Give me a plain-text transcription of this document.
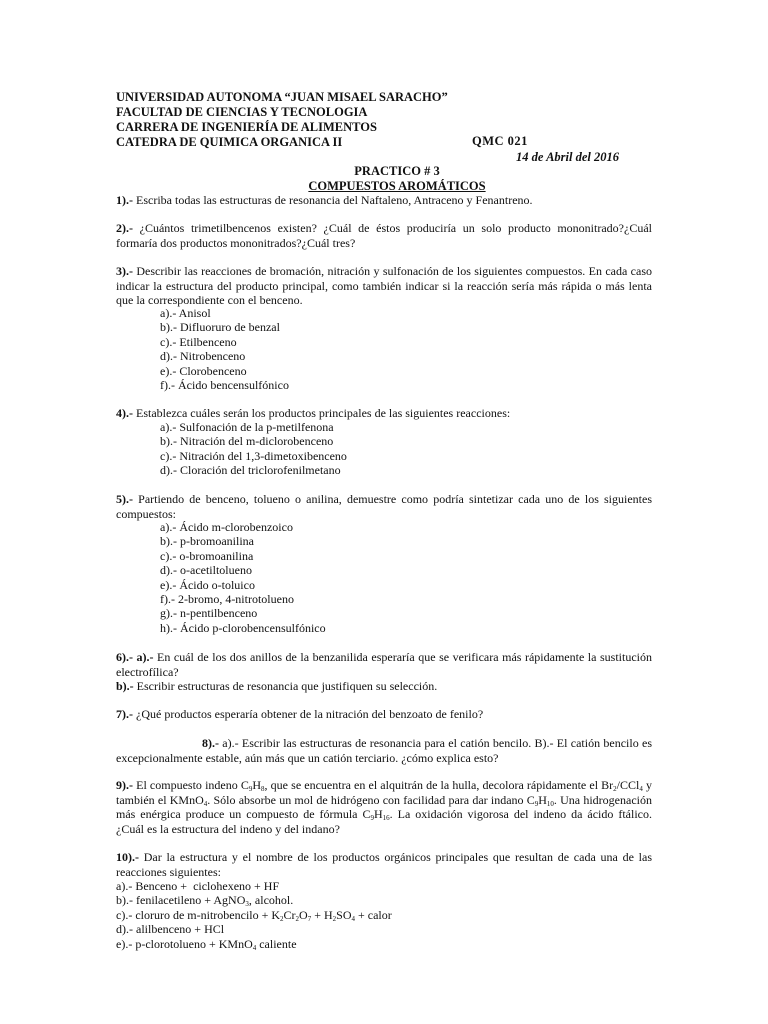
UNIVERSIDAD AUTONOMA “JUAN MISAEL SARACHO”
FACULTAD DE CIENCIAS Y TECNOLOGIA
CARRERA DE INGENIERÍA DE ALIMENTOS
CATEDRA DE QUIMICA ORGANICA II	QMC 021
14 de Abril del 2016
PRACTICO # 3
COMPUESTOS AROMÁTICOS
1).- Escriba todas las estructuras de resonancia del Naftaleno, Antraceno y Fenantreno.
2).- ¿Cuántos trimetilbencenos existen? ¿Cuál de éstos produciría un solo producto mononitrado?¿Cuál formaría dos productos mononitrados?¿Cuál tres?
3).- Describir las reacciones de bromación, nitración y sulfonación de los siguientes compuestos. En cada caso indicar la estructura del producto principal, como también indicar si la reacción sería más rápida o más lenta que la correspondiente con el benceno.
a).- Anisol
b).- Difluoruro de benzal
c).- Etilbenceno
d).- Nitrobenceno
e).- Clorobenceno
f).- Ácido bencensulfónico
4).- Establezca cuáles serán los productos principales de las siguientes reacciones:
a).- Sulfonación de la p-metilfenona
b).- Nitración del m-diclorobenceno
c).- Nitración del 1,3-dimetoxibenceno
d).- Cloración del triclorofenilmetano
5).- Partiendo de benceno, tolueno o anilina, demuestre como podría sintetizar cada uno de los siguientes compuestos:
a).- Ácido m-clorobenzoico
b).- p-bromoanilina
c).- o-bromoanilina
d).- o-acetiltolueno
e).- Ácido o-toluico
f).- 2-bromo, 4-nitrotolueno
g).- n-pentilbenceno
h).- Ácido p-clorobencensulfónico
6).- a).- En cuál de los dos anillos de la benzanilida esperaría que se verificara más rápidamente la sustitución electrofílica?
b).- Escribir estructuras de resonancia que justifiquen su selección.
7).- ¿Qué productos esperaría obtener de la nitración del benzoato de fenilo?
8).- a).- Escribir las estructuras de resonancia para el catión bencilo. B).- El catión bencilo es excepcionalmente estable, aún más que un catión terciario. ¿cómo explica esto?
9).- El compuesto indeno $C_9H_8$, que se encuentra en el alquitrán de la hulla, decolora rápidamente el $Br_2/CCl_4$ y también el KMnO$_4$. Sólo absorbe un mol de hidrógeno con facilidad para dar indano $C_9H_{10}$. Una hidrogenación más enérgica produce un compuesto de fórmula $C_9H_{16}$. La oxidación vigorosa del indeno da ácido ftálico. ¿Cuál es la estructura del indeno y del indano?
10).- Dar la estructura y el nombre de los productos orgánicos principales que resultan de cada una de las reacciones siguientes:
a).- Benceno +  ciclohexeno + HF
b).- fenilacetileno + AgNO$_3$, alcohol.
c).- cloruro de m-nitrobencilo + $K_2Cr_2O_7 + H_2SO_4$ + calor
d).- alilbenceno + HCl
e).- p-clorotolueno + KMnO$_4$ caliente
